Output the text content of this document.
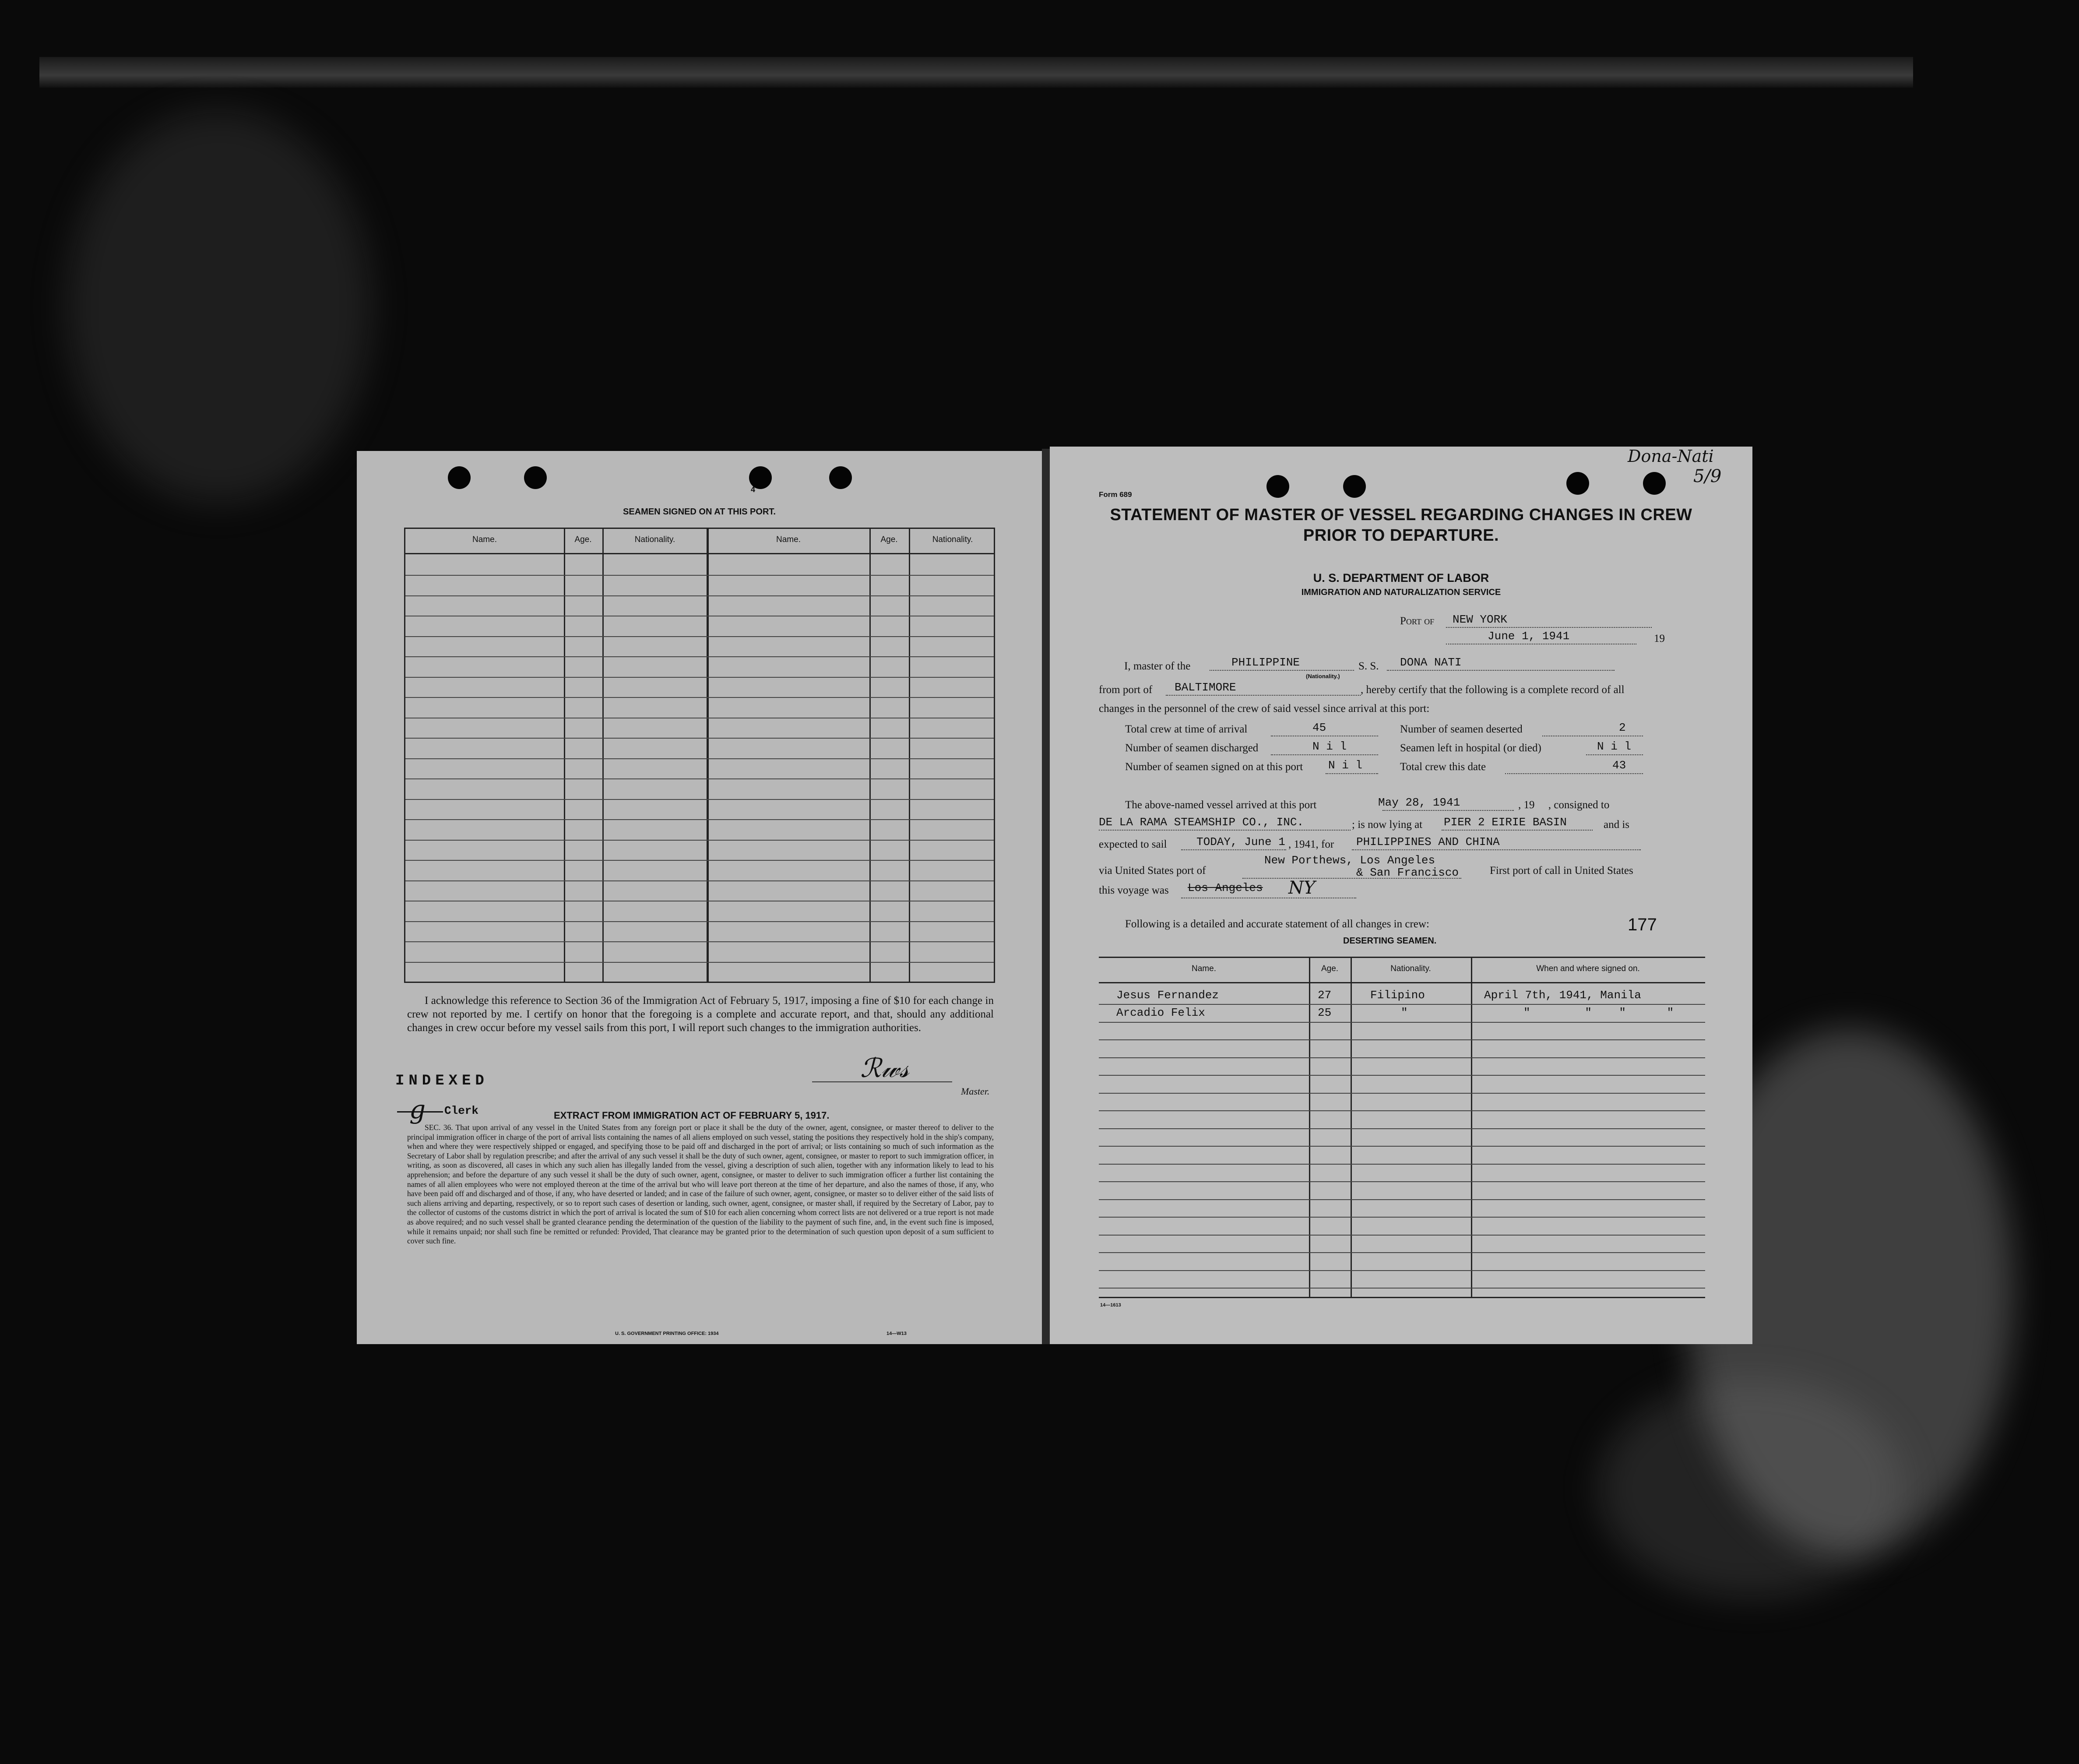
4
SEAMEN SIGNED ON AT THIS PORT.
Name.	Age.	Nationality.	Name.	Age.	Nationality.
I acknowledge this reference to Section 36 of the Immigration Act of February 5, 1917, imposing a fine of $10 for each change in crew not reported by me. I certify on honor that the foregoing is a complete and accurate report, and that, should any additional changes in crew occur before my vessel sails from this port, I will report such changes to the immigration authorities.
INDEXED	ℛ𝓌𝓈
Master.
g Clerk	EXTRACT FROM IMMIGRATION ACT OF FEBRUARY 5, 1917.
SEC. 36. That upon arrival of any vessel in the United States from any foreign port or place it shall be the duty of the owner, agent, consignee, or master thereof to deliver to the principal immigration officer in charge of the port of arrival lists containing the names of all aliens employed on such vessel, stating the positions they respectively hold in the ship's company, when and where they were respectively shipped or engaged, and specifying those to be paid off and discharged in the port of arrival; or lists containing so much of such information as the Secretary of Labor shall by regulation prescribe; and after the arrival of any such vessel it shall be the duty of such owner, agent, consignee, or master to report to such immigration officer, in writing, as soon as discovered, all cases in which any such alien has illegally landed from the vessel, giving a description of such alien, together with any information likely to lead to his apprehension; and before the departure of any such vessel it shall be the duty of such owner, agent, consignee, or master to deliver to such immigration officer a further list containing the names of all alien employees who were not employed thereon at the time of the arrival but who will leave port thereon at the time of her departure, and also the names of those, if any, who have been paid off and discharged and of those, if any, who have deserted or landed; and in case of the failure of such owner, agent, consignee, or master so to deliver either of the said lists of such aliens arriving and departing, respectively, or so to report such cases of desertion or landing, such owner, agent, consignee, or master shall, if required by the Secretary of Labor, pay to the collector of customs of the customs district in which the port of arrival is located the sum of $10 for each alien concerning whom correct lists are not delivered or a true report is not made as above required; and no such vessel shall be granted clearance pending the determination of the question of the liability to the payment of such fine, and, in the event such fine is imposed, while it remains unpaid; nor shall such fine be remitted or refunded: Provided, That clearance may be granted prior to the determination of such question upon deposit of a sum sufficient to cover such fine.
U. S. GOVERNMENT PRINTING OFFICE: 1934	14—W13
Form 689
Dona-Nati
5/9
STATEMENT OF MASTER OF VESSEL REGARDING CHANGES IN CREW
PRIOR TO DEPARTURE.
U. S. DEPARTMENT OF LABOR
IMMIGRATION AND NATURALIZATION SERVICE
Port of NEW YORK
June 1, 1941	19
I, master of the	PHILIPPINE
(Nationality.)
S. S. DONA NATI
from port of BALTIMORE	, hereby certify that the following is a complete record of all
changes in the personnel of the crew of said vessel since arrival at this port:
Total crew at time of arrival	45	Number of seamen deserted	2
Number of seamen discharged	N i l	Seamen left in hospital (or died)	N i l
Number of seamen signed on at this port N i l	Total crew this date	43
The above-named vessel arrived at this port	May 28, 1941	, 19     , consigned to
DE LA RAMA STEAMSHIP CO., INC.	; is now lying at PIER 2 EIRIE BASIN	and is
expected to sail	TODAY, June 1 , 1941, for PHILIPPINES AND CHINA
via United States port of
New Porthews, Los Angeles
& San Francisco	First port of call in United States
this voyage was Los Angeles NY
Following is a detailed and accurate statement of all changes in crew:	177
DESERTING SEAMEN.
Name.	Age.	Nationality.	When and where signed on.
Jesus Fernandez	27	Filipino	April 7th, 1941, Manila
Arcadio Felix	25	"	"        "    "      "
14—1613
